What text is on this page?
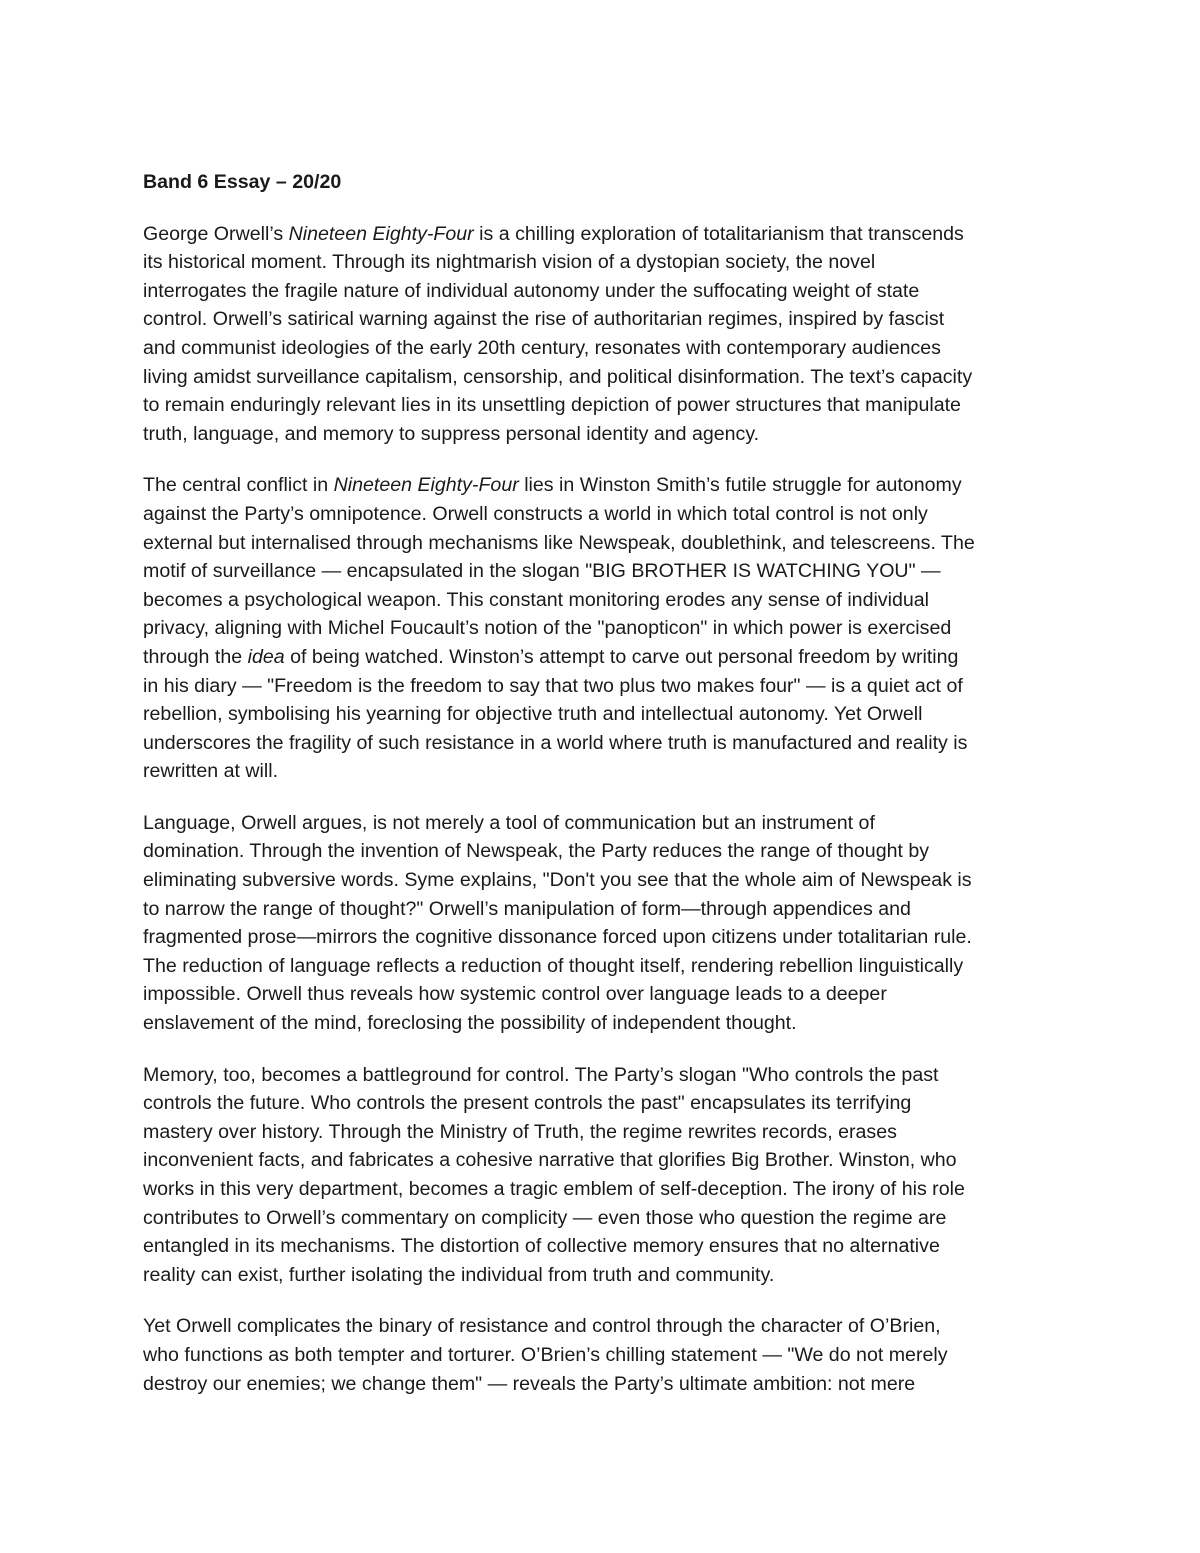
Band 6 Essay – 20/20
George Orwell’s Nineteen Eighty-Four is a chilling exploration of totalitarianism that transcends
its historical moment. Through its nightmarish vision of a dystopian society, the novel
interrogates the fragile nature of individual autonomy under the suffocating weight of state
control. Orwell’s satirical warning against the rise of authoritarian regimes, inspired by fascist
and communist ideologies of the early 20th century, resonates with contemporary audiences
living amidst surveillance capitalism, censorship, and political disinformation. The text’s capacity
to remain enduringly relevant lies in its unsettling depiction of power structures that manipulate
truth, language, and memory to suppress personal identity and agency.
The central conflict in Nineteen Eighty-Four lies in Winston Smith’s futile struggle for autonomy
against the Party’s omnipotence. Orwell constructs a world in which total control is not only
external but internalised through mechanisms like Newspeak, doublethink, and telescreens. The
motif of surveillance — encapsulated in the slogan "BIG BROTHER IS WATCHING YOU" —
becomes a psychological weapon. This constant monitoring erodes any sense of individual
privacy, aligning with Michel Foucault’s notion of the "panopticon" in which power is exercised
through the idea of being watched. Winston’s attempt to carve out personal freedom by writing
in his diary — "Freedom is the freedom to say that two plus two makes four" — is a quiet act of
rebellion, symbolising his yearning for objective truth and intellectual autonomy. Yet Orwell
underscores the fragility of such resistance in a world where truth is manufactured and reality is
rewritten at will.
Language, Orwell argues, is not merely a tool of communication but an instrument of
domination. Through the invention of Newspeak, the Party reduces the range of thought by
eliminating subversive words. Syme explains, "Don't you see that the whole aim of Newspeak is
to narrow the range of thought?" Orwell’s manipulation of form—through appendices and
fragmented prose—mirrors the cognitive dissonance forced upon citizens under totalitarian rule.
The reduction of language reflects a reduction of thought itself, rendering rebellion linguistically
impossible. Orwell thus reveals how systemic control over language leads to a deeper
enslavement of the mind, foreclosing the possibility of independent thought.
Memory, too, becomes a battleground for control. The Party’s slogan "Who controls the past
controls the future. Who controls the present controls the past" encapsulates its terrifying
mastery over history. Through the Ministry of Truth, the regime rewrites records, erases
inconvenient facts, and fabricates a cohesive narrative that glorifies Big Brother. Winston, who
works in this very department, becomes a tragic emblem of self-deception. The irony of his role
contributes to Orwell’s commentary on complicity — even those who question the regime are
entangled in its mechanisms. The distortion of collective memory ensures that no alternative
reality can exist, further isolating the individual from truth and community.
Yet Orwell complicates the binary of resistance and control through the character of O’Brien,
who functions as both tempter and torturer. O’Brien’s chilling statement — "We do not merely
destroy our enemies; we change them" — reveals the Party’s ultimate ambition: not mere
